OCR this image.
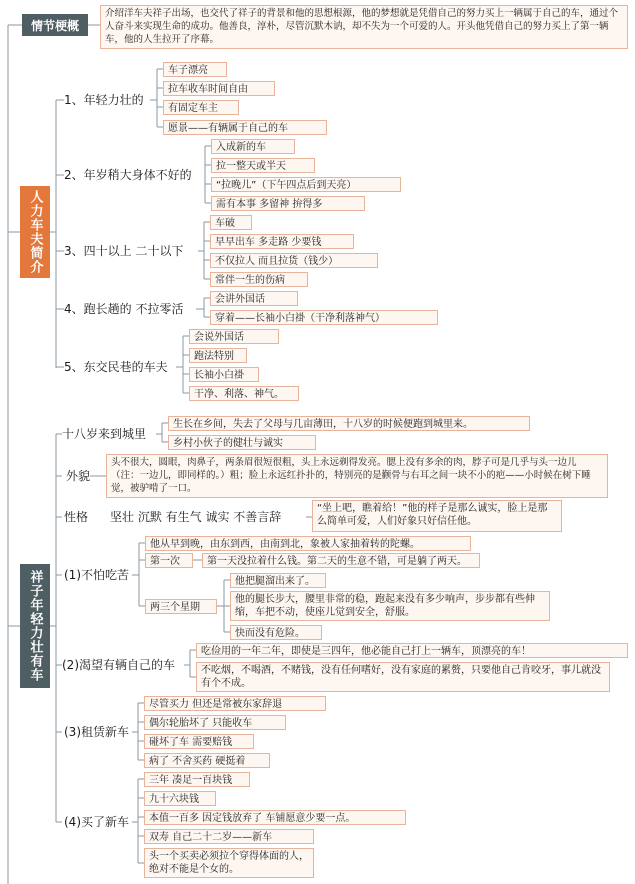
情节梗概
介绍洋车夫祥子出场，也交代了祥子的背景和他的思想根源，他的梦想就是凭借自己的努力买上一辆属于自己的车，通过个人奋斗来实现生命的成功。他善良，淳朴，尽管沉默木讷，却不失为一个可爱的人。开头他凭借自己的努力买上了第一辆车，他的人生拉开了序幕。
人力车夫简介
1、年轻力壮的
车子漂亮
拉车收车时间自由
有固定车主
愿景——有辆属于自己的车
2、年岁稍大身体不好的
入成新的车
拉一整天或半天
“拉晚儿”（下午四点后到天亮）
需有本事 多留神 拚得多
3、四十以上 二十以下
车破
早早出车 多走路 少要钱
不仅拉人 而且拉货（钱少）
常伴一生的伤病
4、跑长趟的 不拉零活
会讲外国话
穿着——长袖小白褂（干净利落神气）
5、东交民巷的车夫
会说外国话
跑法特别
长袖小白褂
干净、利落、神气。
祥子年轻力壮有车
十八岁来到城里
生长在乡间，失去了父母与几亩薄田，十八岁的时候便跑到城里来。
乡村小伙子的健壮与诚实
外貌
头不很大，圆眼，肉鼻子，两条眉很短很粗，头上永远剃得发亮。腮上没有多余的肉，脖子可是几乎与头一边儿（注：一边儿，即同样的。）粗；脸上永远红扑扑的，特别亮的是颧骨与右耳之间一块不小的疤——小时候在树下睡觉，被驴啃了一口。
性格 坚壮 沉默 有生气 诚实 不善言辞
“坐上吧，瞧着给！”他的样子是那么诚实，脸上是那么简单可爱，人们好象只好信任他。
(1)不怕吃苦
他从早到晚，由东到西，由南到北，象被人家抽着转的陀螺。
第一次	第一天没拉着什么钱。第二天的生意不错，可是躺了两天。
两三个星期
他把腿溜出来了。
他的腿长步大，腰里非常的稳，跑起来没有多少响声，步步都有些伸缩，车把不动，使座儿觉到安全，舒服。
快而没有危险。
(2)渴望有辆自己的车
吃俭用的一年二年，即使是三四年，他必能自己打上一辆车，顶漂亮的车！
不吃烟，不喝酒，不赌钱，没有任何嗜好，没有家庭的累赘，只要他自己肯咬牙，事儿就没有个不成。
(3)租赁新车
尽管买力 但还是常被东家辞退
偶尔轮胎坏了 只能收车
碰坏了车 需要赔钱
病了 不舍买药 硬挺着
(4)买了新车
三年 凑足一百块钱
九十六块钱
本值一百多 因定钱放弃了 车铺愿意少要一点。
双寿 自己二十二岁——新车
头一个买卖必须拉个穿得体面的人，绝对不能是个女的。
